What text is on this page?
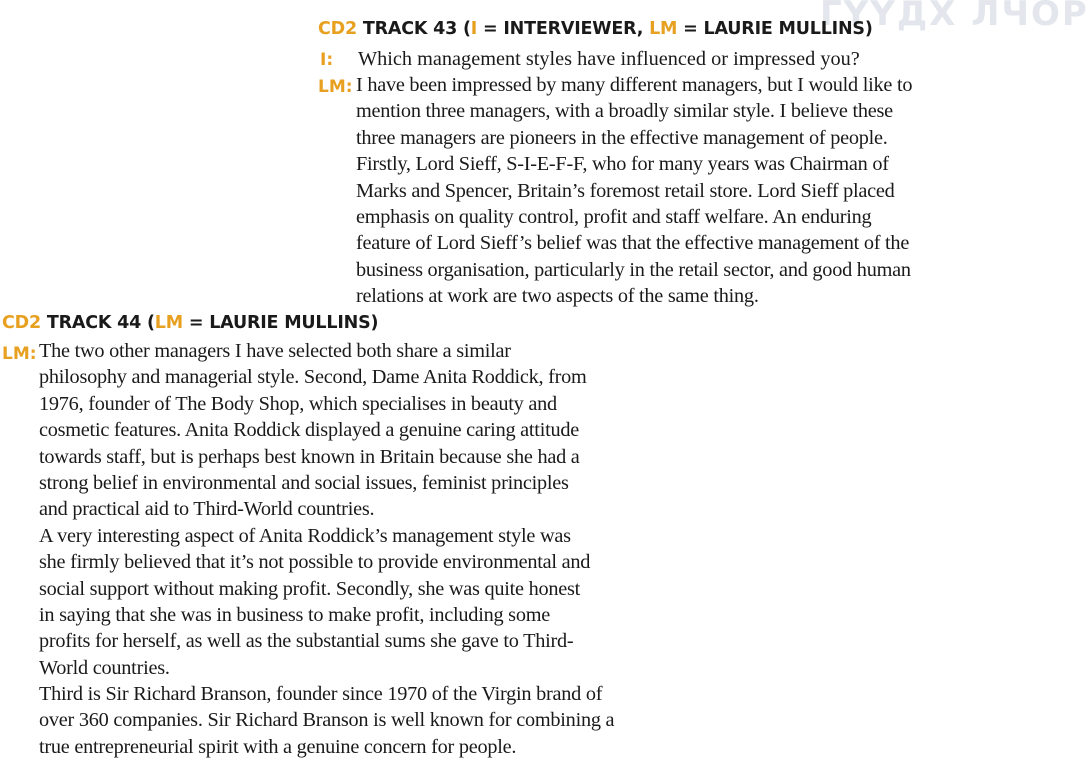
ГҮҮДХ ЛЧОР
CD2 TRACK 43 (I = INTERVIEWER, LM = LAURIE MULLINS)
I: Which management styles have influenced or impressed you?
LM: I have been impressed by many different managers, but I would like to
mention three managers, with a broadly similar style. I believe these
three managers are pioneers in the effective management of people.
Firstly, Lord Sieff, S-I-E-F-F, who for many years was Chairman of
Marks and Spencer, Britain’s foremost retail store. Lord Sieff placed
emphasis on quality control, profit and staff welfare. An enduring
feature of Lord Sieff’s belief was that the effective management of the
business organisation, particularly in the retail sector, and good human
relations at work are two aspects of the same thing.
CD2 TRACK 44 (LM = LAURIE MULLINS)
LM: The two other managers I have selected both share a similar
philosophy and managerial style. Second, Dame Anita Roddick, from
1976, founder of The Body Shop, which specialises in beauty and
cosmetic features. Anita Roddick displayed a genuine caring attitude
towards staff, but is perhaps best known in Britain because she had a
strong belief in environmental and social issues, feminist principles
and practical aid to Third-World countries.
A very interesting aspect of Anita Roddick’s management style was
she firmly believed that it’s not possible to provide environmental and
social support without making profit. Secondly, she was quite honest
in saying that she was in business to make profit, including some
profits for herself, as well as the substantial sums she gave to Third-
World countries.
Third is Sir Richard Branson, founder since 1970 of the Virgin brand of
over 360 companies. Sir Richard Branson is well known for combining a
true entrepreneurial spirit with a genuine concern for people.
